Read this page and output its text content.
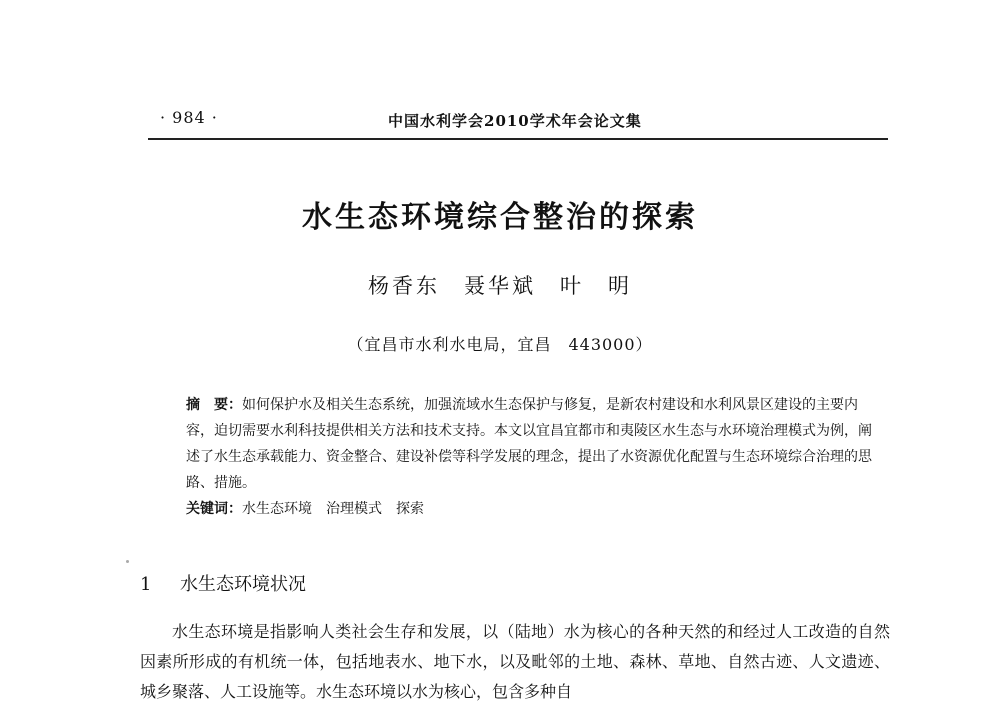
· 984 ·	中国水利学会2010学术年会论文集
水生态环境综合整治的探索
杨香东　聂华斌　叶　明
（宜昌市水利水电局，宜昌　443000）

摘　要：如何保护水及相关生态系统，加强流域水生态保护与修复，是新农村建设和水利风景区建设的主要内容，迫切需要水利科技提供相关方法和技术支持。本文以宜昌宜都市和夷陵区水生态与水环境治理模式为例，阐述了水生态承载能力、资金整合、建设补偿等科学发展的理念，提出了水资源优化配置与生态环境综合治理的思路、措施。

关键词：水生态环境　治理模式　探索

1 水生态环境状况

水生态环境是指影响人类社会生存和发展，以（陆地）水为核心的各种天然的和经过人工改造的自然因素所形成的有机统一体，包括地表水、地下水，以及毗邻的土地、森林、草地、自然古迹、人文遗迹、城乡聚落、人工设施等。水生态环境以水为核心，包含多种自
